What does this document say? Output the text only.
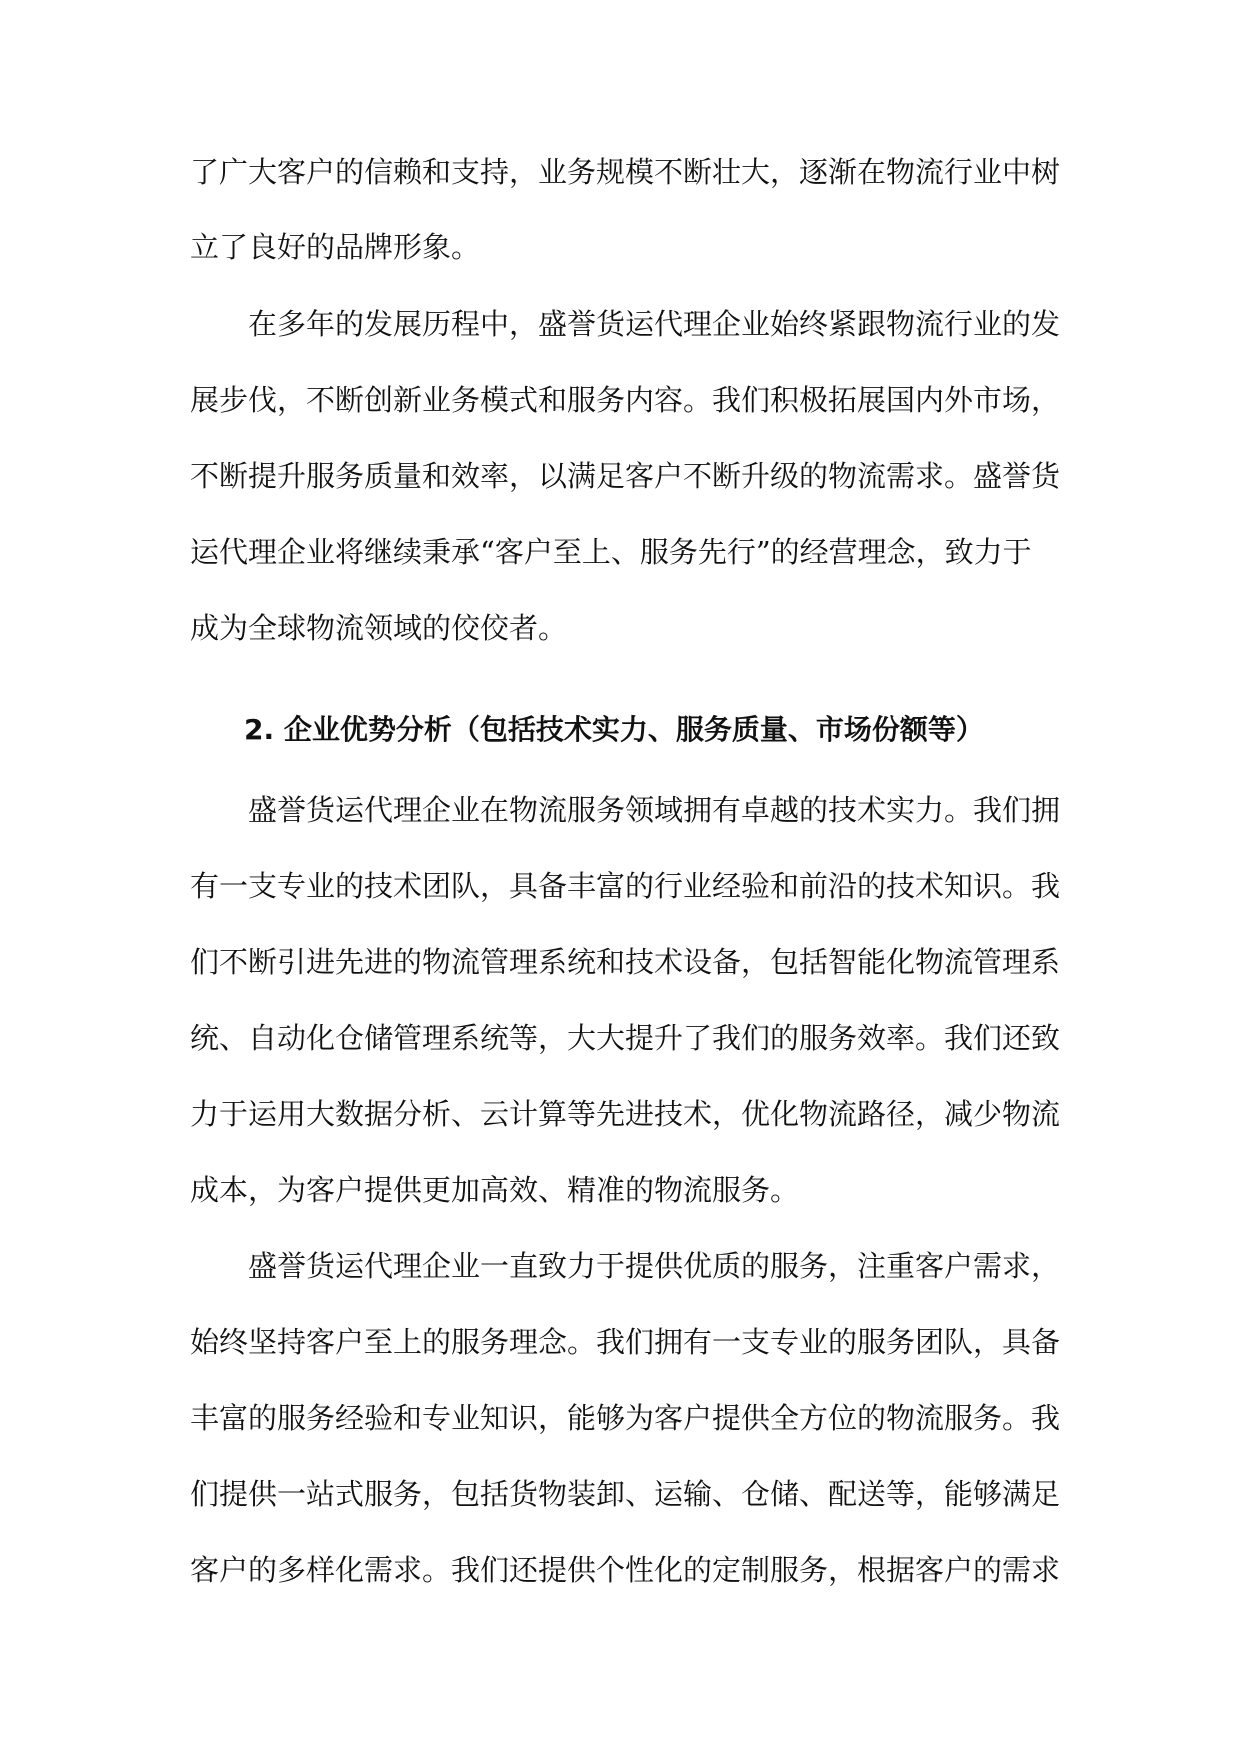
了广大客户的信赖和支持，业务规模不断壮大，逐渐在物流行业中树
立了良好的品牌形象。
在多年的发展历程中，盛誉货运代理企业始终紧跟物流行业的发
展步伐，不断创新业务模式和服务内容。我们积极拓展国内外市场，
不断提升服务质量和效率，以满足客户不断升级的物流需求。盛誉货
运代理企业将继续秉承“客户至上、服务先行”的经营理念，致力于
成为全球物流领域的佼佼者。
2. 企业优势分析（包括技术实力、服务质量、市场份额等）
盛誉货运代理企业在物流服务领域拥有卓越的技术实力。我们拥
有一支专业的技术团队，具备丰富的行业经验和前沿的技术知识。我
们不断引进先进的物流管理系统和技术设备，包括智能化物流管理系
统、自动化仓储管理系统等，大大提升了我们的服务效率。我们还致
力于运用大数据分析、云计算等先进技术，优化物流路径，减少物流
成本，为客户提供更加高效、精准的物流服务。
盛誉货运代理企业一直致力于提供优质的服务，注重客户需求，
始终坚持客户至上的服务理念。我们拥有一支专业的服务团队，具备
丰富的服务经验和专业知识，能够为客户提供全方位的物流服务。我
们提供一站式服务，包括货物装卸、运输、仓储、配送等，能够满足
客户的多样化需求。我们还提供个性化的定制服务，根据客户的需求
